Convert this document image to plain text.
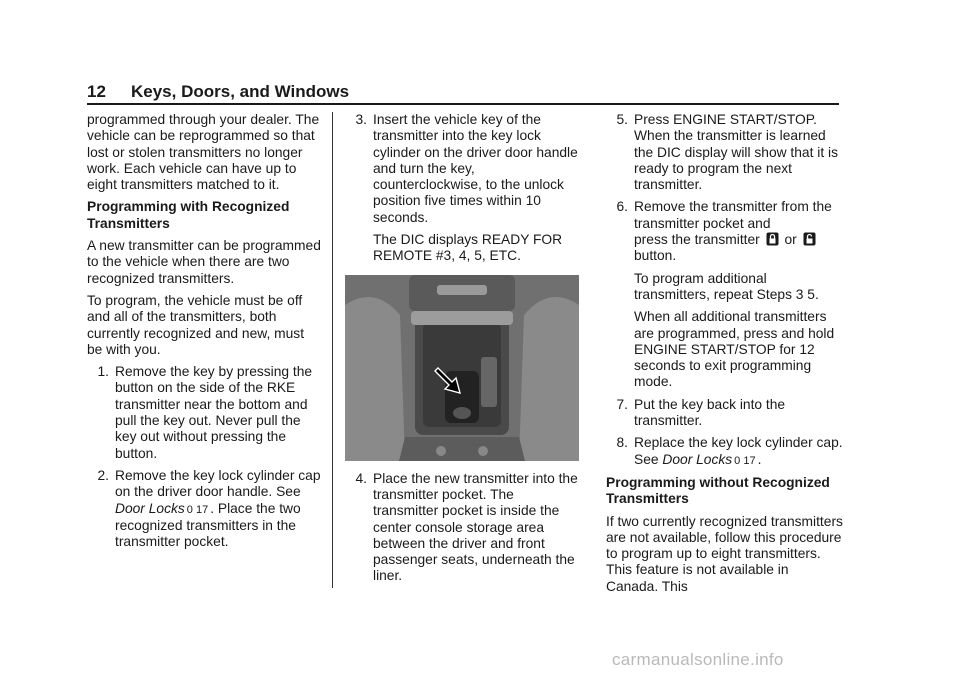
12	Keys, Doors, and Windows

programmed through your dealer. The vehicle can be reprogrammed so that lost or stolen transmitters no longer work. Each vehicle can have up to eight transmitters matched to it.

Programming with Recognized Transmitters

A new transmitter can be programmed to the vehicle when there are two recognized transmitters.

To program, the vehicle must be off and all of the transmitters, both currently recognized and new, must be with you.

1. Remove the key by pressing the button on the side of the RKE transmitter near the bottom and pull the key out. Never pull the key out without pressing the button.
2. Remove the key lock cylinder cap on the driver door handle. See Door Locks 0 17 . Place the two recognized transmitters in the transmitter pocket.
3. Insert the vehicle key of the transmitter into the key lock cylinder on the driver door handle and turn the key, counterclockwise, to the unlock position five times within 10 seconds.

The DIC displays READY FOR REMOTE #3, 4, 5, ETC.

4. Place the new transmitter into the transmitter pocket. The transmitter pocket is inside the center console storage area between the driver and front passenger seats, underneath the liner.
5. Press ENGINE START/STOP. When the transmitter is learned the DIC display will show that it is ready to program the next transmitter.
6. Remove the transmitter from the transmitter pocket and
press the transmitter or
button.

To program additional transmitters, repeat Steps 3 5.

When all additional transmitters are programmed, press and hold ENGINE START/STOP for 12 seconds to exit programming mode.

7. Put the key back into the transmitter.
8. Replace the key lock cylinder cap. See Door Locks 0 17 .

Programming without Recognized Transmitters

If two currently recognized transmitters are not available, follow this procedure to program up to eight transmitters. This feature is not available in Canada. This

carmanualsonline.info
